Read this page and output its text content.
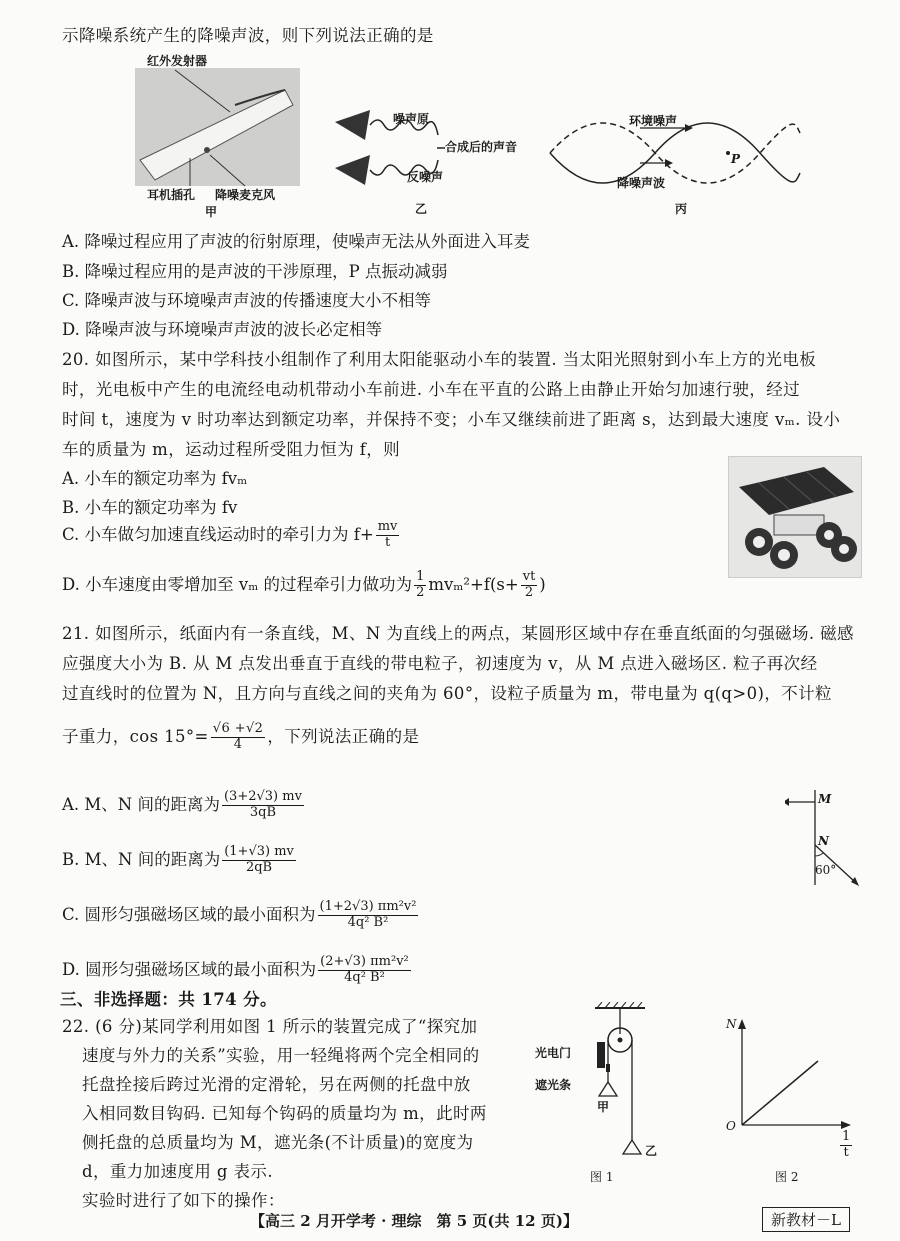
示降噪系统产生的降噪声波，则下列说法正确的是
红外发射器
耳机插孔 降噪麦克风
甲
噪声原
合成后的声音
反噪声
乙
环境噪声
降噪声波
P
丙
A. 降噪过程应用了声波的衍射原理，使噪声无法从外面进入耳麦
B. 降噪过程应用的是声波的干涉原理，P 点振动减弱
C. 降噪声波与环境噪声声波的传播速度大小不相等
D. 降噪声波与环境噪声声波的波长必定相等
20. 如图所示，某中学科技小组制作了利用太阳能驱动小车的装置. 当太阳光照射到小车上方的光电板
时，光电板中产生的电流经电动机带动小车前进. 小车在平直的公路上由静止开始匀加速行驶，经过
时间 t，速度为 v 时功率达到额定功率，并保持不变；小车又继续前进了距离 s，达到最大速度 vₘ. 设小
车的质量为 m，运动过程所受阻力恒为 f，则
A. 小车的额定功率为 fvₘ
B. 小车的额定功率为 fv
C. 小车做匀加速直线运动时的牵引力为 $f+ \frac{mv}{t}$
D. 小车速度由零增加至 vₘ 的过程牵引力做功为 $\frac{1}{2} mv_m^2+f(s+ \frac{vt}{2}$ )
21. 如图所示，纸面内有一条直线，M、N 为直线上的两点，某圆形区域中存在垂直纸面的匀强磁场. 磁感
应强度大小为 B. 从 M 点发出垂直于直线的带电粒子，初速度为 v，从 M 点进入磁场区. 粒子再次经
过直线时的位置为 N，且方向与直线之间的夹角为 60°，设粒子质量为 m，带电量为 q(q>0)，不计粒
子重力，$\cos 15^\circ= \frac{√6 +√2}{4}$ ，下列说法正确的是
A. M、N 间的距离为 $\frac{(3+2√3) mv}{3qB}$
B. M、N 间的距离为 $\frac{(1+√3) mv}{2qB}$
C. 圆形匀强磁场区域的最小面积为 $\frac{\text{(1+2√3) πm²v²}}{\text{4q² B²}}$
D. 圆形匀强磁场区域的最小面积为 $\frac{\text{(2+√3) πm²v²}}{\text{4q² B²}}$
M
N
60°
三、非选择题：共 174 分。
22. (6 分)某同学利用如图 1 所示的装置完成了“探究加
速度与外力的关系”实验，用一轻绳将两个完全相同的
托盘拴接后跨过光滑的定滑轮，另在两侧的托盘中放
入相同数目钩码. 已知每个钩码的质量均为 m，此时两
侧托盘的总质量均为 M，遮光条(不计质量)的宽度为
d，重力加速度用 g 表示.
实验时进行了如下的操作：
光电门
遮光条
甲
乙
图 1
N
O
$\frac{1}{t}$
图 2
【高三 2 月开学考 · 理综　第 5 页(共 12 页)】	新教材－L
